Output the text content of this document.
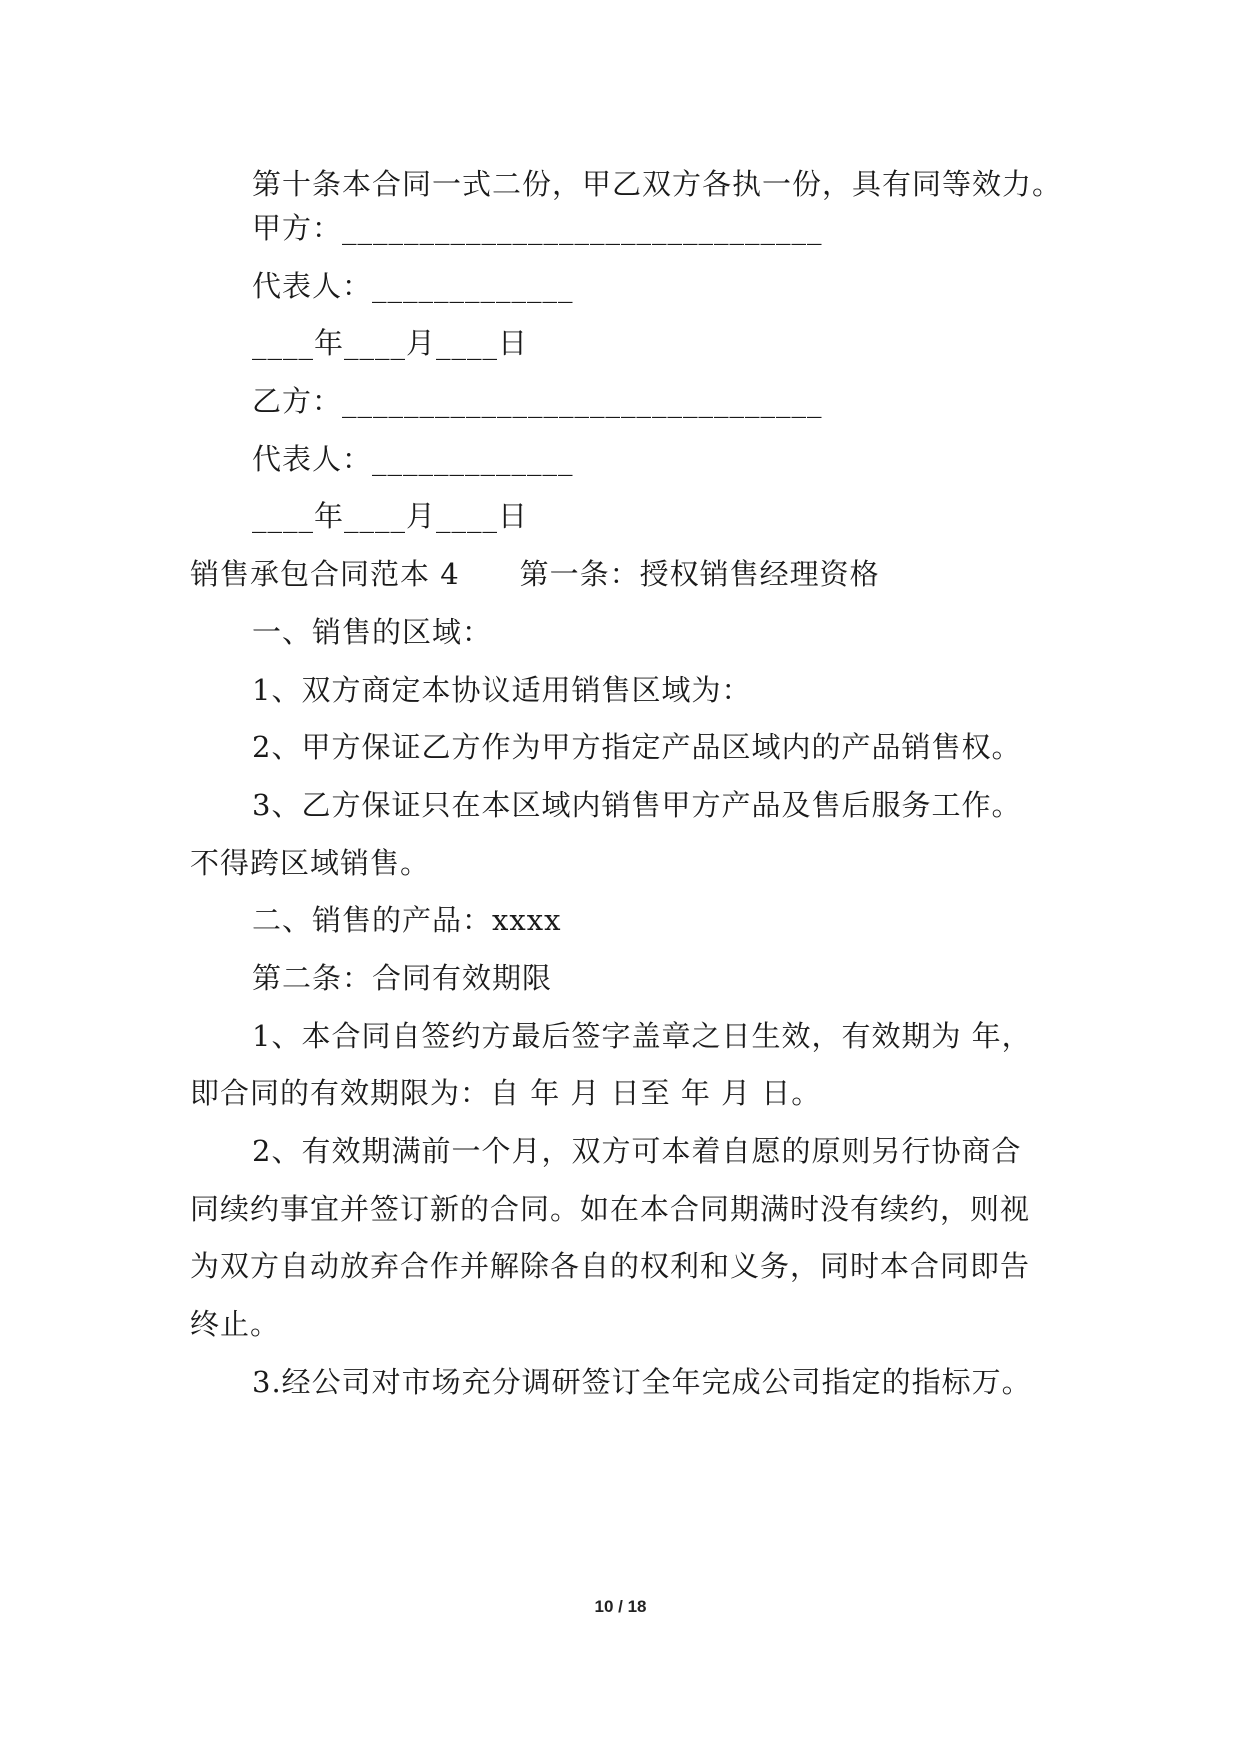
第十条本合同一式二份，甲乙双方各执一份，具有同等效力。
甲方：_______________________________
代表人：_____________
____年____月____日
乙方：_______________________________
代表人：_____________
____年____月____日
销售承包合同范本 4　　第一条：授权销售经理资格
一、销售的区域：
1、双方商定本协议适用销售区域为：
2、甲方保证乙方作为甲方指定产品区域内的产品销售权。
3、乙方保证只在本区域内销售甲方产品及售后服务工作。
不得跨区域销售。
二、销售的产品：xxxx
第二条：合同有效期限
1、本合同自签约方最后签字盖章之日生效，有效期为 年，
即合同的有效期限为：自 年 月 日至 年 月 日。
2、有效期满前一个月，双方可本着自愿的原则另行协商合
同续约事宜并签订新的合同。如在本合同期满时没有续约，则视
为双方自动放弃合作并解除各自的权利和义务，同时本合同即告
终止。
3.经公司对市场充分调研签订全年完成公司指定的指标万。
10 / 18
